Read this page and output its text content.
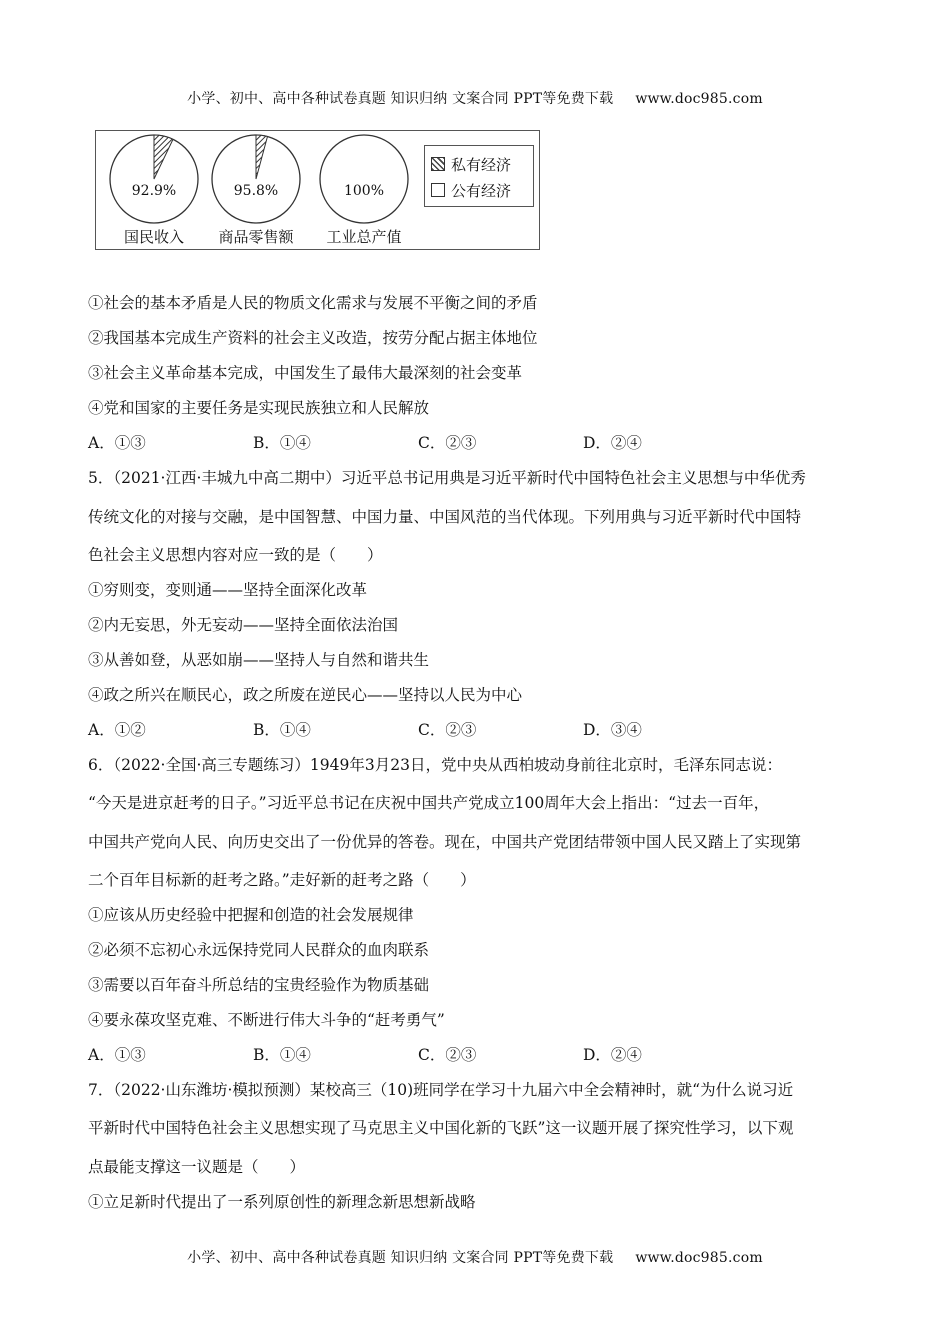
小学、初中、高中各种试卷真题 知识归纳 文案合同 PPT等免费下载 www.doc985.com
92.9%
国民收入
95.8%
商品零售额
100%
工业总产值
私有经济
公有经济
①社会的基本矛盾是人民的物质文化需求与发展不平衡之间的矛盾
②我国基本完成生产资料的社会主义改造，按劳分配占据主体地位
③社会主义革命基本完成，中国发生了最伟大最深刻的社会变革
④党和国家的主要任务是实现民族独立和人民解放
A．①③	B．①④	C．②③	D．②④
5．（2021·江西·丰城九中高二期中）习近平总书记用典是习近平新时代中国特色社会主义思想与中华优秀
传统文化的对接与交融，是中国智慧、中国力量、中国风范的当代体现。下列用典与习近平新时代中国特
色社会主义思想内容对应一致的是（　　）
①穷则变，变则通——坚持全面深化改革
②内无妄思，外无妄动——坚持全面依法治国
③从善如登，从恶如崩——坚持人与自然和谐共生
④政之所兴在顺民心，政之所废在逆民心——坚持以人民为中心
A．①②	B．①④	C．②③	D．③④
6．（2022·全国·高三专题练习）1949年3月23日，党中央从西柏坡动身前往北京时，毛泽东同志说：
“今天是进京赶考的日子。”习近平总书记在庆祝中国共产党成立100周年大会上指出：“过去一百年，
中国共产党向人民、向历史交出了一份优异的答卷。现在，中国共产党团结带领中国人民又踏上了实现第
二个百年目标新的赶考之路。”走好新的赶考之路（　　）
①应该从历史经验中把握和创造的社会发展规律
②必须不忘初心永远保持党同人民群众的血肉联系
③需要以百年奋斗所总结的宝贵经验作为物质基础
④要永葆攻坚克难、不断进行伟大斗争的“赶考勇气”
A．①③	B．①④	C．②③	D．②④
7．（2022·山东潍坊·模拟预测）某校高三（10)班同学在学习十九届六中全会精神时，就“为什么说习近
平新时代中国特色社会主义思想实现了马克思主义中国化新的飞跃”这一议题开展了探究性学习，以下观
点最能支撑这一议题是（　　）
①立足新时代提出了一系列原创性的新理念新思想新战略
小学、初中、高中各种试卷真题 知识归纳 文案合同 PPT等免费下载 www.doc985.com
